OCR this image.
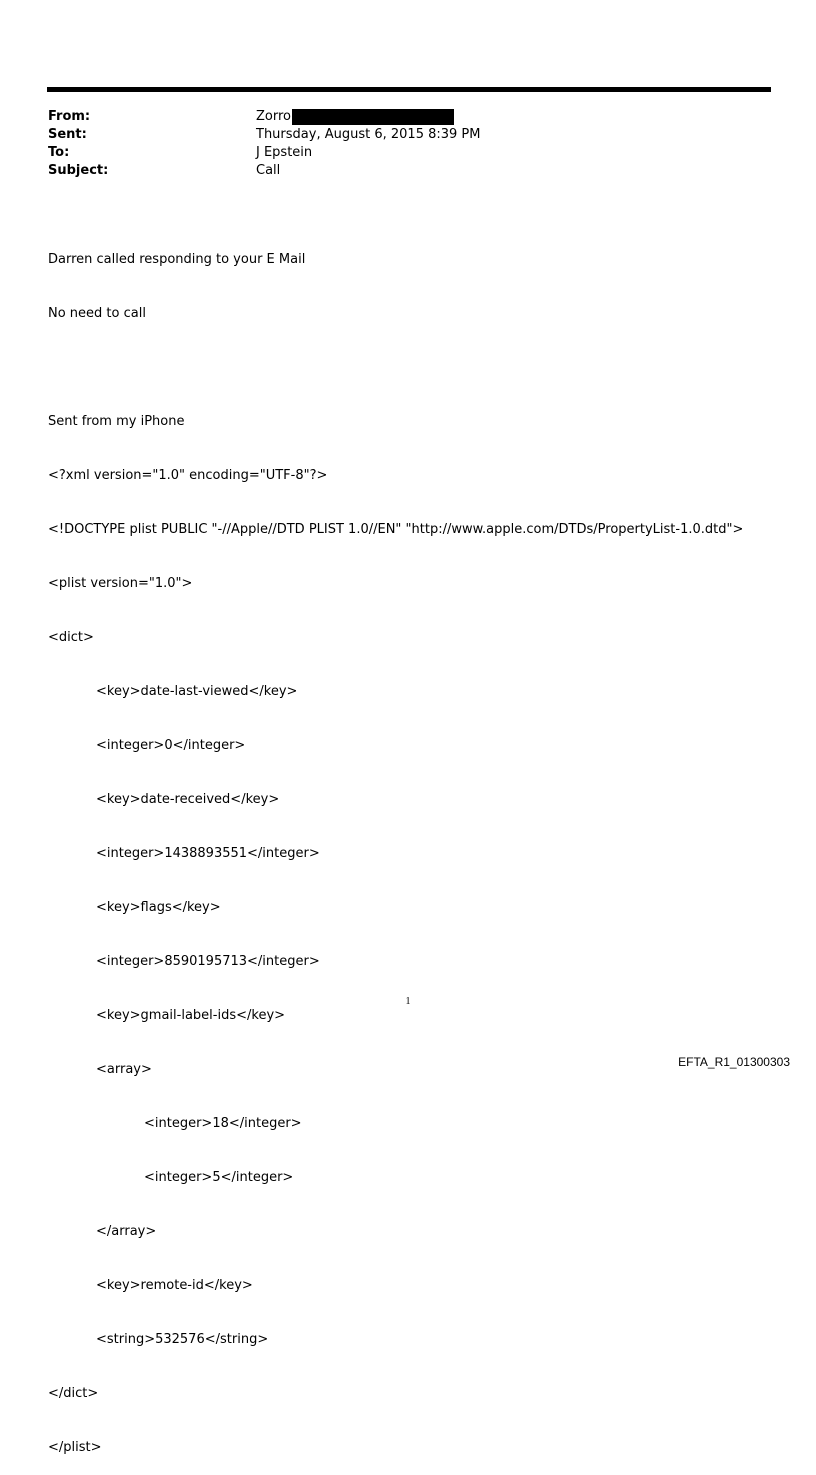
From:	Zorro
Sent:	Thursday, August 6, 2015 8:39 PM
To:	J Epstein
Subject:	Call

Darren called responding to your E Mail

No need to call

Sent from my iPhone

<?xml version="1.0" encoding="UTF-8"?>

<!DOCTYPE plist PUBLIC "-//Apple//DTD PLIST 1.0//EN" "http://www.apple.com/DTDs/PropertyList-1.0.dtd">

<plist version="1.0">

<dict>

<key>date-last-viewed</key>

<integer>0</integer>

<key>date-received</key>

<integer>1438893551</integer>

<key>flags</key>

<integer>8590195713</integer>

<key>gmail-label-ids</key>

<array>

<integer>18</integer>

<integer>5</integer>

</array>

<key>remote-id</key>

<string>532576</string>

</dict>

</plist>

1
EFTA_R1_01300303
